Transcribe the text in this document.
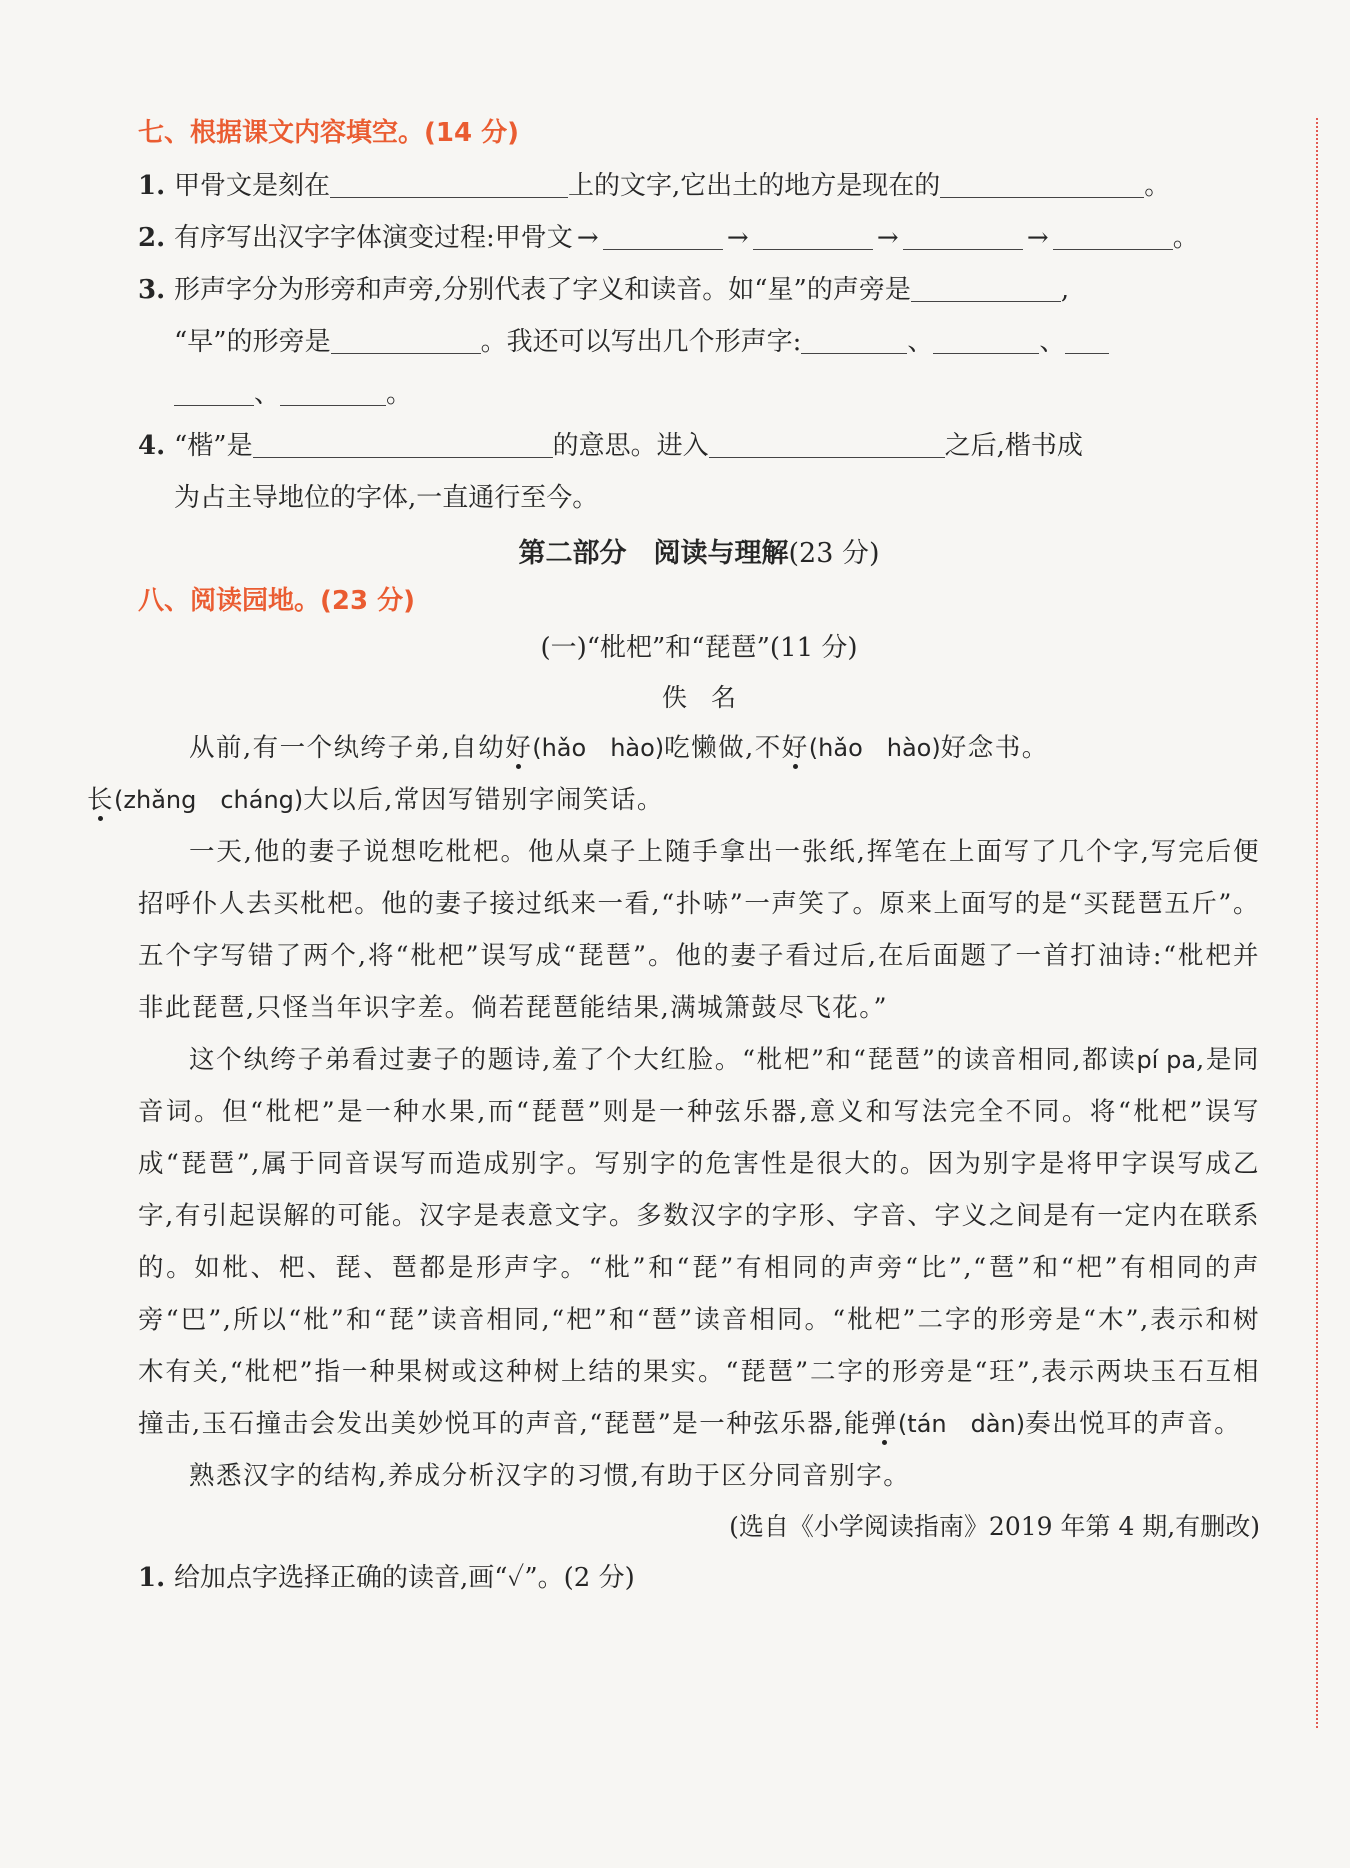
七、根据课文内容填空。(14 分)
1. 甲骨文是刻在	上的文字,它出土的地方是现在的	。
2. 有序写出汉字字体演变过程:甲骨文 →	→	→	→	。
3. 形声字分为形旁和声旁,分别代表了字义和读音。如“星”的声旁是	,
“早”的形旁是	。我还可以写出几个形声字:	、	、
、	。
4. “楷”是	的意思。进入	之后,楷书成
为占主导地位的字体,一直通行至今。
第二部分　阅读与理解(23 分)
八、阅读园地。(23 分)
(一)“枇杷”和“琵琶”(11 分)
佚名

从前,有一个纨绔子弟,自幼好(hǎo　hào)吃懒做,不好(hǎo　hào)好念书。
长(zhǎng　cháng)大以后,常因写错别字闹笑话。

一天,他的妻子说想吃枇杷。他从桌子上随手拿出一张纸,挥笔在上面写了几个字,写完后便招呼仆人去买枇杷。他的妻子接过纸来一看,“扑哧”一声笑了。原来上面写的是“买琵琶五斤”。五个字写错了两个,将“枇杷”误写成“琵琶”。他的妻子看过后,在后面题了一首打油诗:“枇杷并非此琵琶,只怪当年识字差。倘若琵琶能结果,满城箫鼓尽飞花。”

这个纨绔子弟看过妻子的题诗,羞了个大红脸。“枇杷”和“琵琶”的读音相同,都读pí pa,是同音词。但“枇杷”是一种水果,而“琵琶”则是一种弦乐器,意义和写法完全不同。将“枇杷”误写成“琵琶”,属于同音误写而造成别字。写别字的危害性是很大的。因为别字是将甲字误写成乙字,有引起误解的可能。汉字是表意文字。多数汉字的字形、字音、字义之间是有一定内在联系的。如枇、杷、琵、琶都是形声字。“枇”和“琵”有相同的声旁“比”,“琶”和“杷”有相同的声旁“巴”,所以“枇”和“琵”读音相同,“杷”和“琶”读音相同。“枇杷”二字的形旁是“木”,表示和树木有关,“枇杷”指一种果树或这种树上结的果实。“琵琶”二字的形旁是“玨”,表示两块玉石互相撞击,玉石撞击会发出美妙悦耳的声音,“琵琶”是一种弦乐器,能弹(tán　dàn)奏出悦耳的声音。

熟悉汉字的结构,养成分析汉字的习惯,有助于区分同音别字。

(选自《小学阅读指南》2019 年第 4 期,有删改)
1. 给加点字选择正确的读音,画“✓”。(2 分)
